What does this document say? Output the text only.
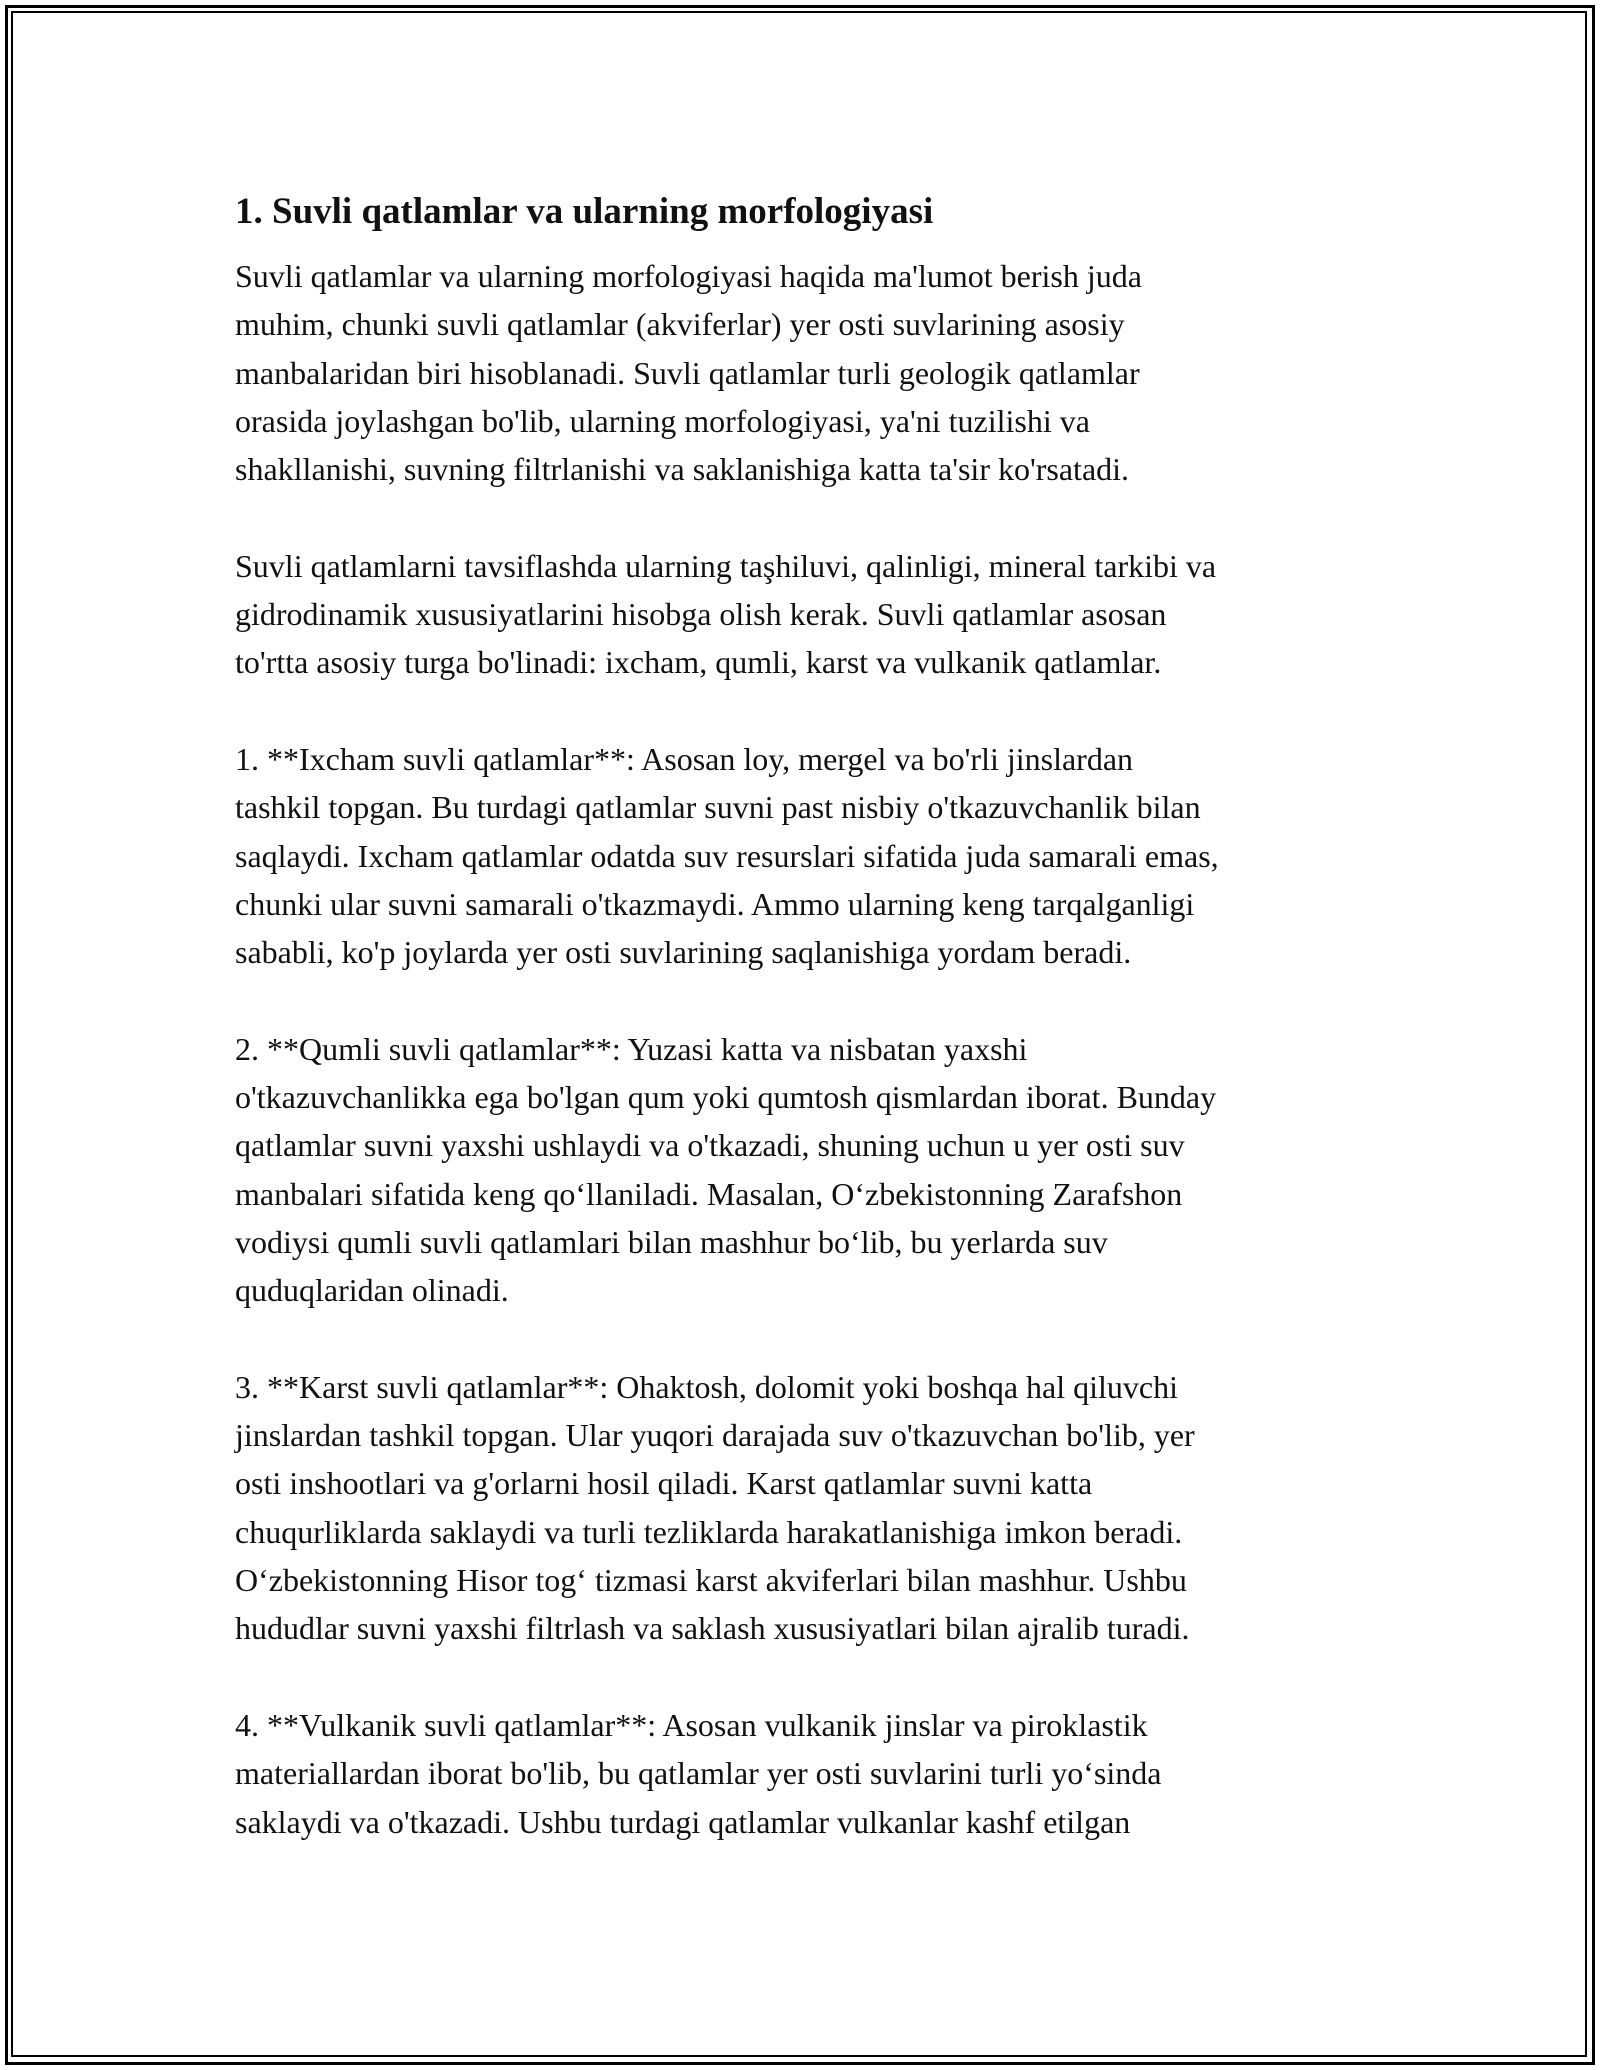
1. Suvli qatlamlar va ularning morfologiyasi

Suvli qatlamlar va ularning morfologiyasi haqida ma'lumot berish juda
muhim, chunki suvli qatlamlar (akviferlar) yer osti suvlarining asosiy
manbalaridan biri hisoblanadi. Suvli qatlamlar turli geologik qatlamlar
orasida joylashgan bo'lib, ularning morfologiyasi, ya'ni tuzilishi va
shakllanishi, suvning filtrlanishi va saklanishiga katta ta'sir ko'rsatadi.

Suvli qatlamlarni tavsiflashda ularning taşhiluvi, qalinligi, mineral tarkibi va
gidrodinamik xususiyatlarini hisobga olish kerak. Suvli qatlamlar asosan
to'rtta asosiy turga bo'linadi: ixcham, qumli, karst va vulkanik qatlamlar.

1. **Ixcham suvli qatlamlar**: Asosan loy, mergel va bo'rli jinslardan
tashkil topgan. Bu turdagi qatlamlar suvni past nisbiy o'tkazuvchanlik bilan
saqlaydi. Ixcham qatlamlar odatda suv resurslari sifatida juda samarali emas,
chunki ular suvni samarali o'tkazmaydi. Ammo ularning keng tarqalganligi
sababli, ko'p joylarda yer osti suvlarining saqlanishiga yordam beradi.

2. **Qumli suvli qatlamlar**: Yuzasi katta va nisbatan yaxshi
o'tkazuvchanlikka ega bo'lgan qum yoki qumtosh qismlardan iborat. Bunday
qatlamlar suvni yaxshi ushlaydi va o'tkazadi, shuning uchun u yer osti suv
manbalari sifatida keng qo‘llaniladi. Masalan, O‘zbekistonning Zarafshon
vodiysi qumli suvli qatlamlari bilan mashhur bo‘lib, bu yerlarda suv
quduqlaridan olinadi.

3. **Karst suvli qatlamlar**: Ohaktosh, dolomit yoki boshqa hal qiluvchi
jinslardan tashkil topgan. Ular yuqori darajada suv o'tkazuvchan bo'lib, yer
osti inshootlari va g'orlarni hosil qiladi. Karst qatlamlar suvni katta
chuqurliklarda saklaydi va turli tezliklarda harakatlanishiga imkon beradi.
O‘zbekistonning Hisor tog‘ tizmasi karst akviferlari bilan mashhur. Ushbu
hududlar suvni yaxshi filtrlash va saklash xususiyatlari bilan ajralib turadi.

4. **Vulkanik suvli qatlamlar**: Asosan vulkanik jinslar va piroklastik
materiallardan iborat bo'lib, bu qatlamlar yer osti suvlarini turli yo‘sinda
saklaydi va o'tkazadi. Ushbu turdagi qatlamlar vulkanlar kashf etilgan
